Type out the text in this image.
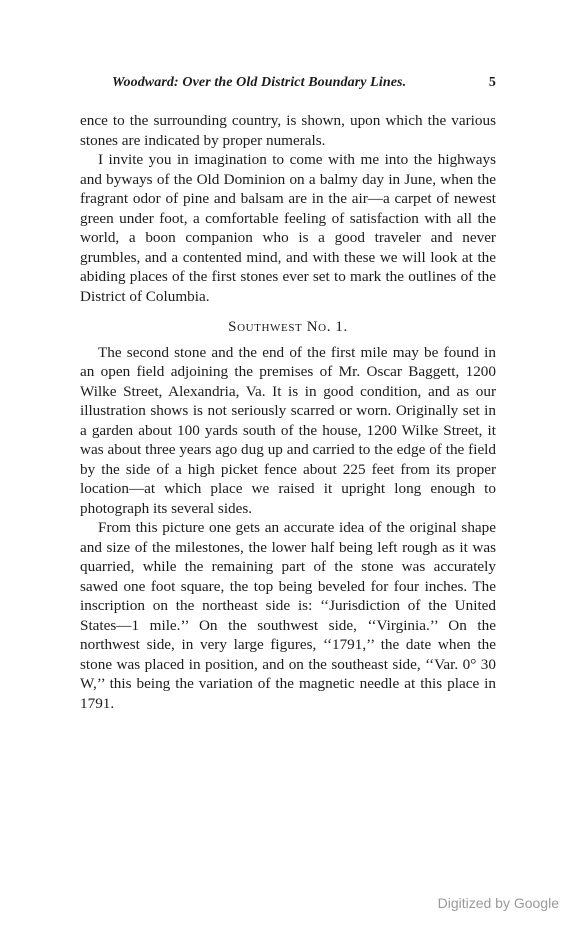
Woodward: Over the Old District Boundary Lines.	5

ence to the surrounding country, is shown, upon which the various stones are indicated by proper numerals.

I invite you in imagination to come with me into the highways and byways of the Old Dominion on a balmy day in June, when the fragrant odor of pine and balsam are in the air—a carpet of newest green under foot, a comfortable feeling of satisfaction with all the world, a boon companion who is a good traveler and never grumbles, and a contented mind, and with these we will look at the abiding places of the first stones ever set to mark the outlines of the District of Columbia.

Southwest No. 1.

The second stone and the end of the first mile may be found in an open field adjoining the premises of Mr. Oscar Baggett, 1200 Wilke Street, Alexandria, Va. It is in good condition, and as our illustration shows is not seriously scarred or worn. Originally set in a garden about 100 yards south of the house, 1200 Wilke Street, it was about three years ago dug up and carried to the edge of the field by the side of a high picket fence about 225 feet from its proper location—at which place we raised it upright long enough to photograph its several sides.

From this picture one gets an accurate idea of the original shape and size of the milestones, the lower half being left rough as it was quarried, while the remaining part of the stone was accurately sawed one foot square, the top being beveled for four inches. The inscription on the northeast side is: ‘‘Jurisdiction of the United States—1 mile.’’ On the southwest side, ‘‘Virginia.’’ On the northwest side, in very large figures, ‘‘1791,’’ the date when the stone was placed in position, and on the southeast side, ‘‘Var. 0° 30 W,’’ this being the variation of the magnetic needle at this place in 1791.

Digitized by Google
